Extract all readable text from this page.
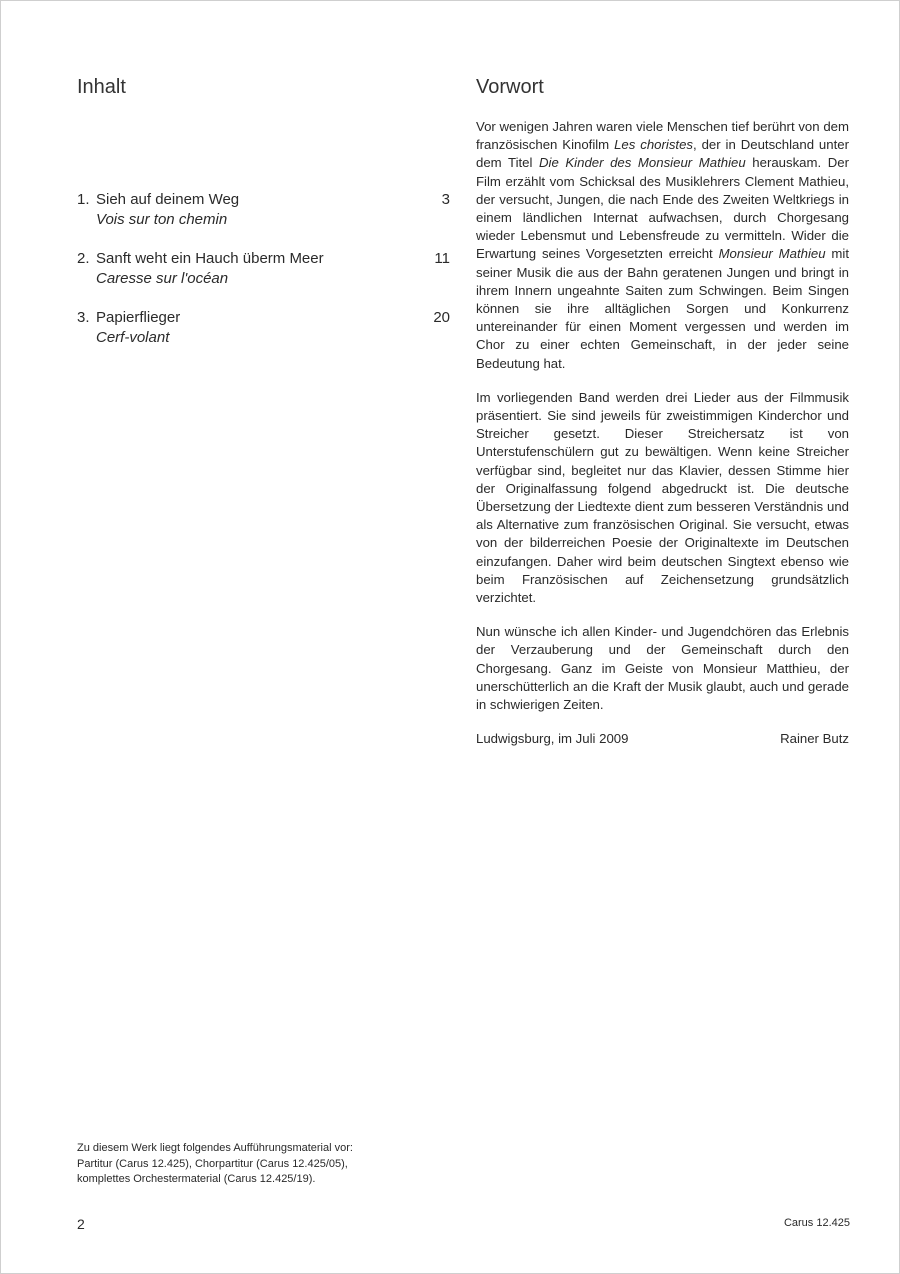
Inhalt
1. Sieh auf deinem Weg	3
Vois sur ton chemin
2. Sanft weht ein Hauch überm Meer	11
Caresse sur l'océan
3. Papierflieger	20
Cerf-volant
Vorwort

Vor wenigen Jahren waren viele Menschen tief berührt von dem französischen Kinofilm Les choristes, der in Deutschland unter dem Titel Die Kinder des Monsieur Mathieu herauskam. Der Film erzählt vom Schicksal des Musiklehrers Clement Mathieu, der versucht, Jungen, die nach Ende des Zweiten Weltkriegs in einem ländlichen Internat aufwachsen, durch Chorgesang wieder Lebensmut und Lebensfreude zu vermitteln. Wider die Erwartung seines Vorgesetzten erreicht Monsieur Mathieu mit seiner Musik die aus der Bahn geratenen Jungen und bringt in ihrem Innern ungeahnte Saiten zum Schwingen. Beim Singen können sie ihre alltäglichen Sorgen und Konkurrenz untereinander für einen Moment vergessen und werden im Chor zu einer echten Gemeinschaft, in der jeder seine Bedeutung hat.

Im vorliegenden Band werden drei Lieder aus der Filmmusik präsentiert. Sie sind jeweils für zweistimmigen Kinderchor und Streicher gesetzt. Dieser Streichersatz ist von Unterstufenschülern gut zu bewältigen. Wenn keine Streicher verfügbar sind, begleitet nur das Klavier, dessen Stimme hier der Originalfassung folgend abgedruckt ist. Die deutsche Übersetzung der Liedtexte dient zum besseren Verständnis und als Alternative zum französischen Original. Sie versucht, etwas von der bilderreichen Poesie der Originaltexte im Deutschen einzufangen. Daher wird beim deutschen Singtext ebenso wie beim Französischen auf Zeichensetzung grundsätzlich verzichtet.

Nun wünsche ich allen Kinder- und Jugendchören das Erlebnis der Verzauberung und der Gemeinschaft durch den Chorgesang. Ganz im Geiste von Monsieur Matthieu, der unerschütterlich an die Kraft der Musik glaubt, auch und gerade in schwierigen Zeiten.

Ludwigsburg, im Juli 2009	Rainer Butz
Zu diesem Werk liegt folgendes Aufführungsmaterial vor:
Partitur (Carus 12.425), Chorpartitur (Carus 12.425/05),
komplettes Orchestermaterial (Carus 12.425/19).
2	Carus 12.425
